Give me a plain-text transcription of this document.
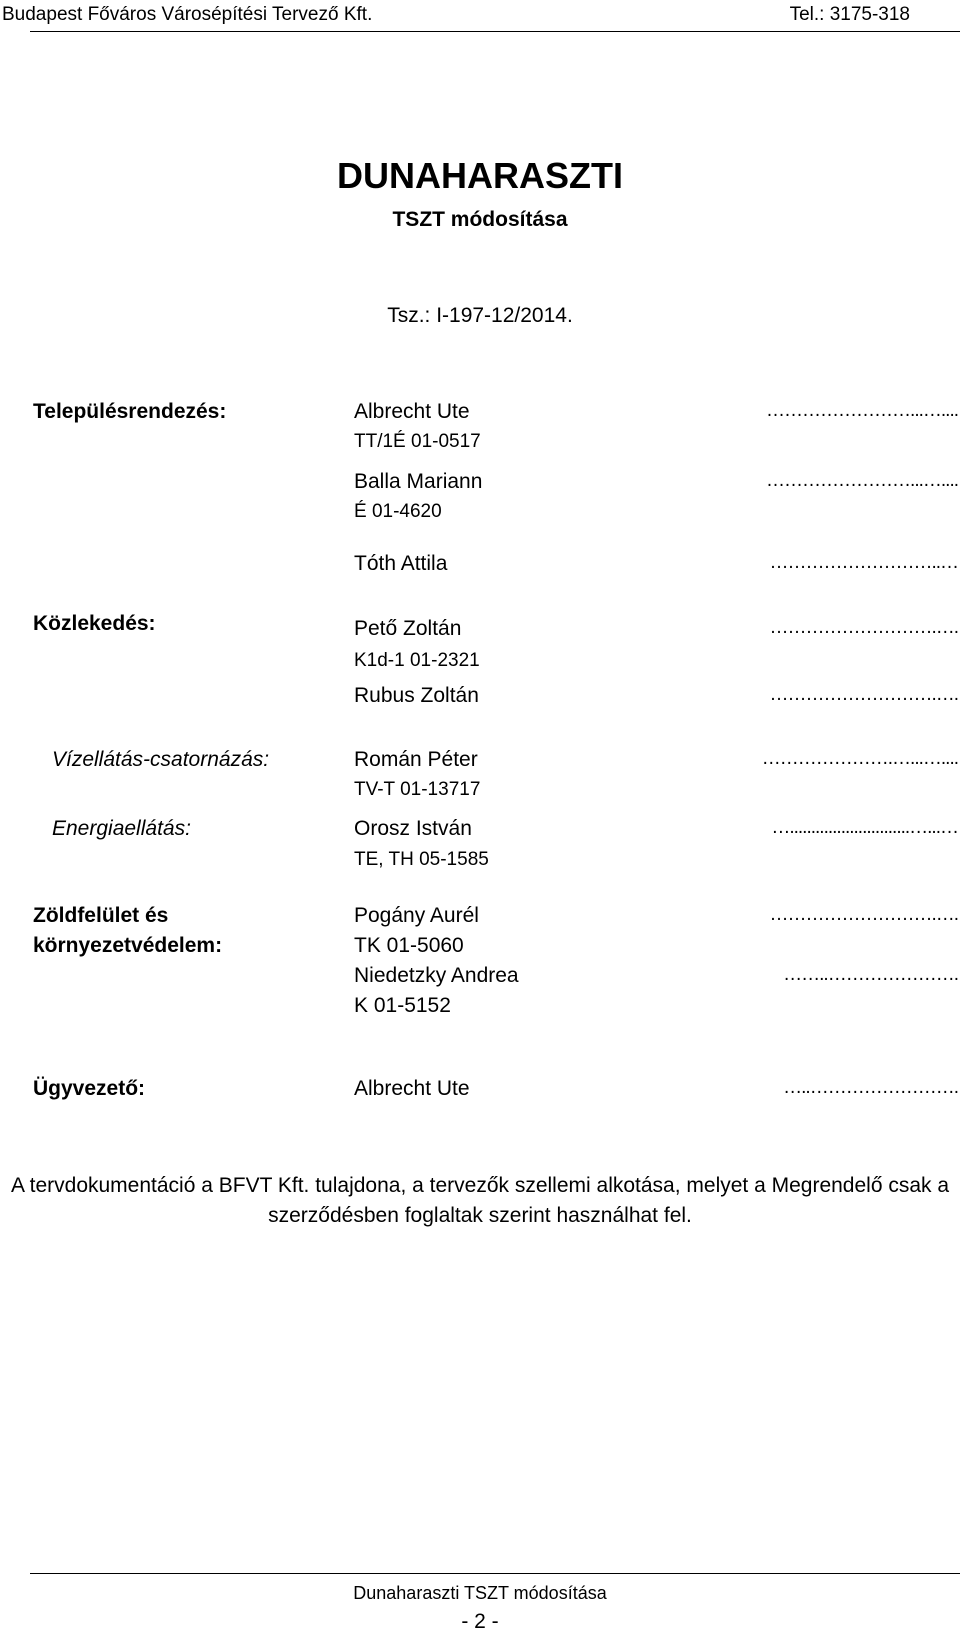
Budapest Főváros Városépítési Tervező Kft.	Tel.: 3175-318
DUNAHARASZTI
TSZT módosítása
Tsz.: I-197-12/2014.
Településrendezés:	Albrecht Ute	……………………...…....
TT/1É 01-0517
Balla Mariann	……………………...…....
É 01-4620
Tóth Attila	………………………..…
Közlekedés:	Pető Zoltán	……………………….….
K1d-1 01-2321
Rubus Zoltán	……………………….….
Vízellátás-csatornázás:	Román Péter	………………….…...…....
TV-T 01-13717
Energiaellátás:	Orosz István	…............................…...…
TE, TH 05-1585
Zöldfelület és
környezetvédelem:
Pogány Aurél	……………………….….
TK 01-5060
Niedetzky Andrea	……..………………….
K 01-5152
Ügyvezető:	Albrecht Ute	…..…………………….
A tervdokumentáció a BFVT Kft. tulajdona, a tervezők szellemi alkotása, melyet a Megrendelő csak a
szerződésben foglaltak szerint használhat fel.
Dunaharaszti TSZT módosítása
- 2 -
